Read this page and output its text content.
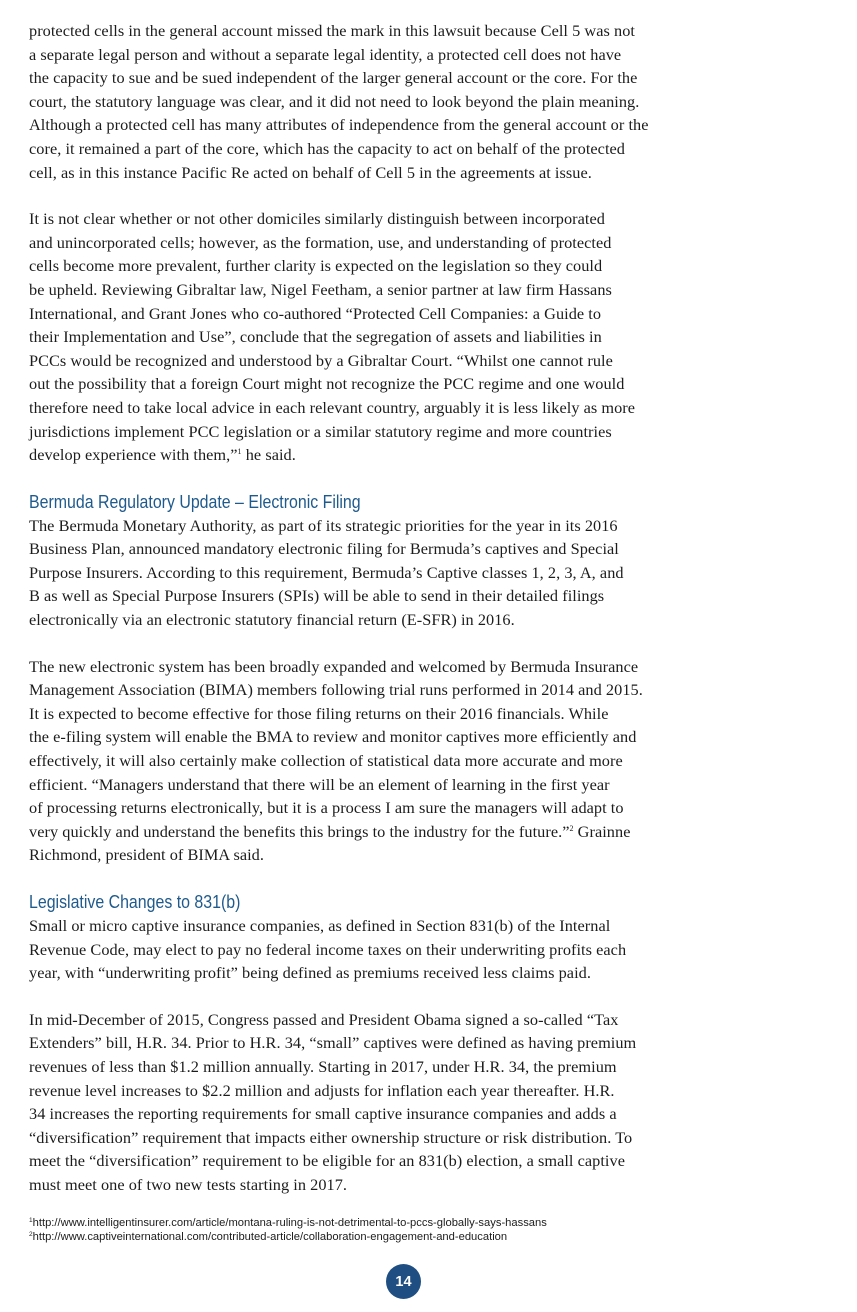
protected cells in the general account missed the mark in this lawsuit because Cell 5 was not
a separate legal person and without a separate legal identity, a protected cell does not have
the capacity to sue and be sued independent of the larger general account or the core. For the
court, the statutory language was clear, and it did not need to look beyond the plain meaning.
Although a protected cell has many attributes of independence from the general account or the
core, it remained a part of the core, which has the capacity to act on behalf of the protected
cell, as in this instance Pacific Re acted on behalf of Cell 5 in the agreements at issue.

It is not clear whether or not other domiciles similarly distinguish between incorporated
and unincorporated cells; however, as the formation, use, and understanding of protected
cells become more prevalent, further clarity is expected on the legislation so they could
be upheld. Reviewing Gibraltar law, Nigel Feetham, a senior partner at law firm Hassans
International, and Grant Jones who co-authored “Protected Cell Companies: a Guide to
their Implementation and Use”, conclude that the segregation of assets and liabilities in
PCCs would be recognized and understood by a Gibraltar Court. “Whilst one cannot rule
out the possibility that a foreign Court might not recognize the PCC regime and one would
therefore need to take local advice in each relevant country, arguably it is less likely as more
jurisdictions implement PCC legislation or a similar statutory regime and more countries
develop experience with them,”$^1$ he said.

Bermuda Regulatory Update – Electronic Filing

The Bermuda Monetary Authority, as part of its strategic priorities for the year in its 2016
Business Plan, announced mandatory electronic filing for Bermuda’s captives and Special
Purpose Insurers. According to this requirement, Bermuda’s Captive classes 1, 2, 3, A, and
B as well as Special Purpose Insurers (SPIs) will be able to send in their detailed filings
electronically via an electronic statutory financial return (E-SFR) in 2016.

The new electronic system has been broadly expanded and welcomed by Bermuda Insurance
Management Association (BIMA) members following trial runs performed in 2014 and 2015.
It is expected to become effective for those filing returns on their 2016 financials. While
the e-filing system will enable the BMA to review and monitor captives more efficiently and
effectively, it will also certainly make collection of statistical data more accurate and more
efficient. “Managers understand that there will be an element of learning in the first year
of processing returns electronically, but it is a process I am sure the managers will adapt to
very quickly and understand the benefits this brings to the industry for the future.”$^2$ Grainne
Richmond, president of BIMA said.

Legislative Changes to 831(b)

Small or micro captive insurance companies, as defined in Section 831(b) of the Internal
Revenue Code, may elect to pay no federal income taxes on their underwriting profits each
year, with “underwriting profit” being defined as premiums received less claims paid.

In mid-December of 2015, Congress passed and President Obama signed a so-called “Tax
Extenders” bill, H.R. 34. Prior to H.R. 34, “small” captives were defined as having premium
revenues of less than $1.2 million annually. Starting in 2017, under H.R. 34, the premium
revenue level increases to $2.2 million and adjusts for inflation each year thereafter. H.R.
34 increases the reporting requirements for small captive insurance companies and adds a
“diversification” requirement that impacts either ownership structure or risk distribution. To
meet the “diversification” requirement to be eligible for an 831(b) election, a small captive
must meet one of two new tests starting in 2017.

$^1$http://www.intelligentinsurer.com/article/montana-ruling-is-not-detrimental-to-pccs-globally-says-hassans
$^2$http://www.captiveinternational.com/contributed-article/collaboration-engagement-and-education
14
